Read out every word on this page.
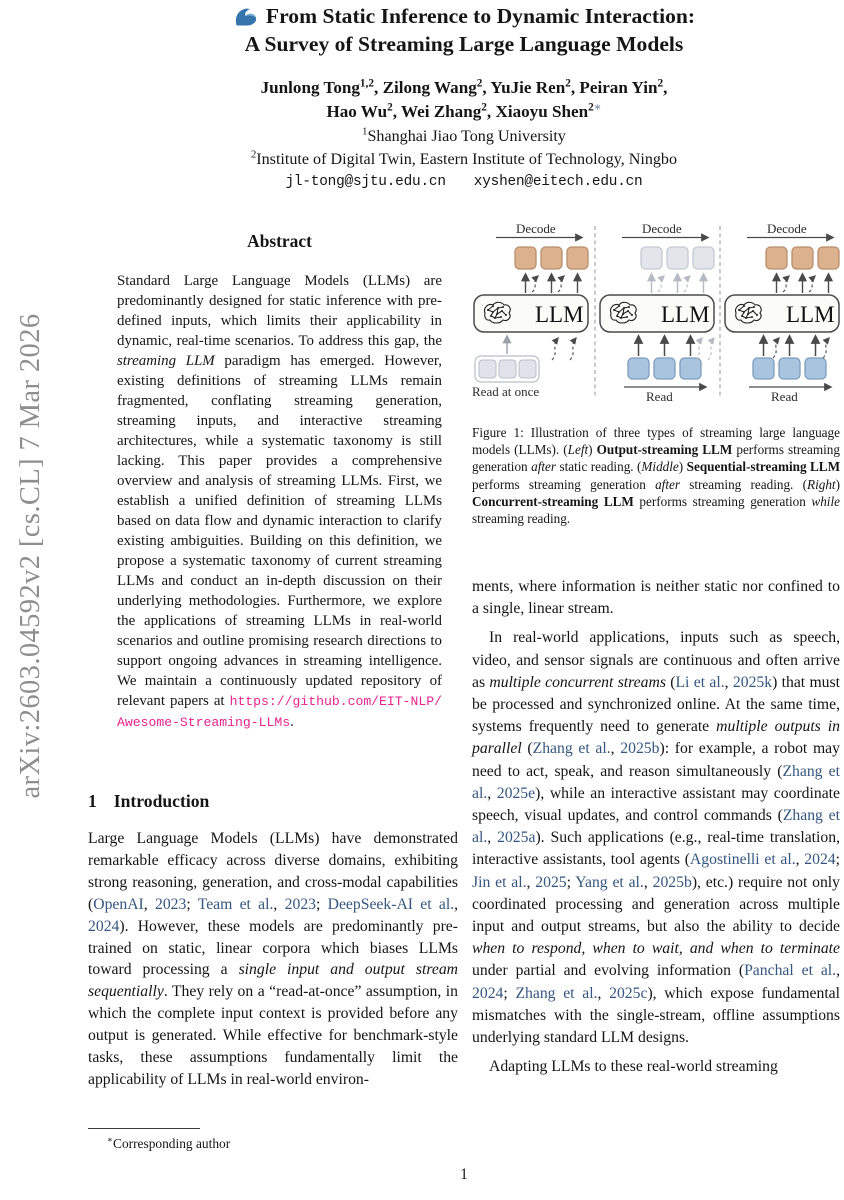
arXiv:2603.04592v2 [cs.CL] 7 Mar 2026
From Static Inference to Dynamic Interaction:
A Survey of Streaming Large Language Models
Junlong Tong$^{1,2}$, Zilong Wang$^2$, YuJie Ren$^2$, Peiran Yin$^2$,
Hao Wu$^2$, Wei Zhang$^2$, Xiaoyu Shen$^{2∗}$
$^1$Shanghai Jiao Tong University
$^2$Institute of Digital Twin, Eastern Institute of Technology, Ningbo
jl-tong@sjtu.edu.cn xyshen@eitech.edu.cn
Abstract

Standard Large Language Models (LLMs) are predominantly designed for static inference with pre-defined inputs, which limits their applicability in dynamic, real-time scenarios. To address this gap, the streaming LLM paradigm has emerged. However, existing definitions of streaming LLMs remain fragmented, conflating streaming generation, streaming inputs, and interactive streaming architectures, while a systematic taxonomy is still lacking. This paper provides a comprehensive overview and analysis of streaming LLMs. First, we establish a unified definition of streaming LLMs based on data flow and dynamic interaction to clarify existing ambiguities. Building on this definition, we propose a systematic taxonomy of current streaming LLMs and conduct an in-depth discussion on their underlying methodologies. Furthermore, we explore the applications of streaming LLMs in real-world scenarios and outline promising research directions to support ongoing advances in streaming intelligence. We maintain a continuously updated repository of relevant papers at https://github.com/EIT-NLP/Awesome-Streaming-LLMs.

1 Introduction

Large Language Models (LLMs) have demonstrated remarkable efficacy across diverse domains, exhibiting strong reasoning, generation, and cross-modal capabilities (OpenAI, 2023; Team et al., 2023; DeepSeek-AI et al., 2024). However, these models are predominantly pre-trained on static, linear corpora which biases LLMs toward processing a single input and output stream sequentially. They rely on a “read-at-once” assumption, in which the complete input context is provided before any output is generated. While effective for benchmark-style tasks, these assumptions fundamentally limit the applicability of LLMs in real-world environ-

∗Corresponding author
Decode
LLM
Read at once
Decode
LLM
Read
Decode
LLM
Read
Figure 1: Illustration of three types of streaming large language models (LLMs). (Left) Output-streaming LLM performs streaming generation after static reading. (Middle) Sequential-streaming LLM performs streaming generation after streaming reading. (Right) Concurrent-streaming LLM performs streaming generation while streaming reading.

ments, where information is neither static nor confined to a single, linear stream.

In real-world applications, inputs such as speech, video, and sensor signals are continuous and often arrive as multiple concurrent streams (Li et al., 2025k) that must be processed and synchronized online. At the same time, systems frequently need to generate multiple outputs in parallel (Zhang et al., 2025b): for example, a robot may need to act, speak, and reason simultaneously (Zhang et al., 2025e), while an interactive assistant may coordinate speech, visual updates, and control commands (Zhang et al., 2025a). Such applications (e.g., real-time translation, interactive assistants, tool agents (Agostinelli et al., 2024; Jin et al., 2025; Yang et al., 2025b), etc.) require not only coordinated processing and generation across multiple input and output streams, but also the ability to decide when to respond, when to wait, and when to terminate under partial and evolving information (Panchal et al., 2024; Zhang et al., 2025c), which expose fundamental mismatches with the single-stream, offline assumptions underlying standard LLM designs.

Adapting LLMs to these real-world streaming

1
